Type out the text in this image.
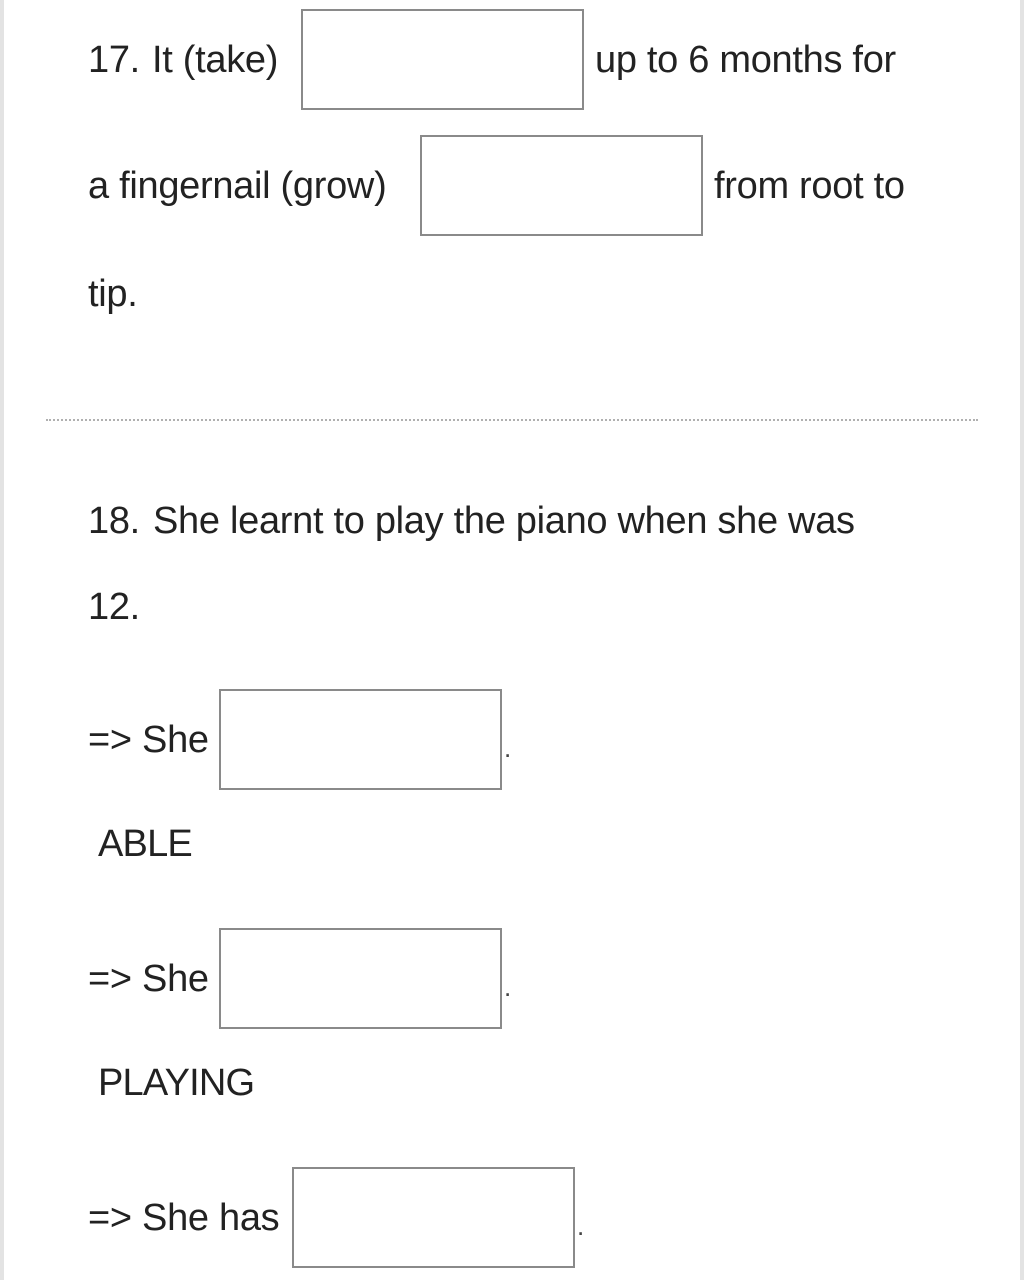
17. It (take)	up to 6 months for
a fingernail (grow)	from root to
tip.
18. She learnt to play the piano when she was
12.
=> She	.
ABLE
=> She	.
PLAYING
=> She has	.
